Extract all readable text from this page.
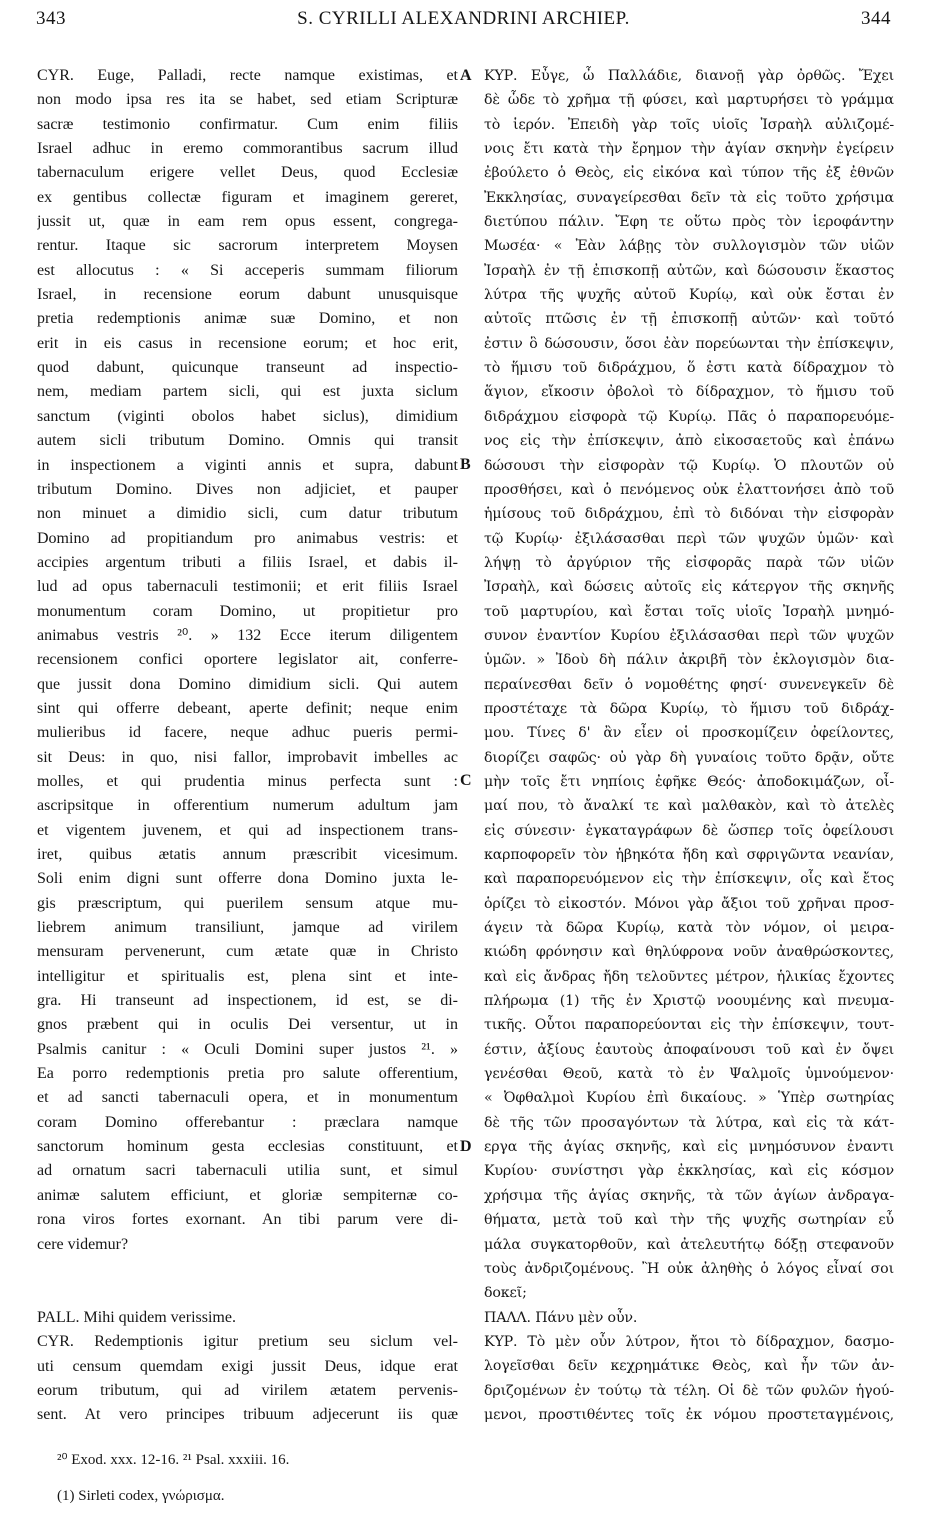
343	S. CYRILLI ALEXANDRINI ARCHIEP.	344
CYR. Euge, Palladi, recte namque existimas, et
non modo ipsa res ita se habet, sed etiam Scripturæ
sacræ testimonio confirmatur. Cum enim filiis
Israel adhuc in eremo commorantibus sacrum illud
tabernaculum erigere vellet Deus, quod Ecclesiæ
ex gentibus collectæ figuram et imaginem gereret,
jussit ut, quæ in eam rem opus essent, congrega-
rentur. Itaque sic sacrorum interpretem Moysen
est allocutus : « Si acceperis summam filiorum
Israel, in recensione eorum dabunt unusquisque
pretia redemptionis animæ suæ Domino, et non
erit in eis casus in recensione eorum; et hoc erit,
quod dabunt, quicunque transeunt ad inspectio-
nem, mediam partem sicli, qui est juxta siclum
sanctum (viginti obolos habet siclus), dimidium
autem sicli tributum Domino. Omnis qui transit
in inspectionem a viginti annis et supra, dabunt
tributum Domino. Dives non adjiciet, et pauper
non minuet a dimidio sicli, cum datur tributum
Domino ad propitiandum pro animabus vestris: et
accipies argentum tributi a filiis Israel, et dabis il-
lud ad opus tabernaculi testimonii; et erit filiis Israel
monumentum coram Domino, ut propitietur pro
animabus vestris ²⁰. » 132 Ecce iterum diligentem
recensionem confici oportere legislator ait, conferre-
que jussit dona Domino dimidium sicli. Qui autem
sint qui offerre debeant, aperte definit; neque enim
mulieribus id facere, neque adhuc pueris permi-
sit Deus: in quo, nisi fallor, improbavit imbelles ac
molles, et qui prudentia minus perfecta sunt :
ascripsitque in offerentium numerum adultum jam
et vigentem juvenem, et qui ad inspectionem trans-
iret, quibus ætatis annum præscribit vicesimum.
Soli enim digni sunt offerre dona Domino juxta le-
gis præscriptum, qui puerilem sensum atque mu-
liebrem animum transiliunt, jamque ad virilem
mensuram pervenerunt, cum ætate quæ in Christo
intelligitur et spiritualis est, plena sint et inte-
gra. Hi transeunt ad inspectionem, id est, se di-
gnos præbent qui in oculis Dei versentur, ut in
Psalmis canitur : « Oculi Domini super justos ²¹. »
Ea porro redemptionis pretia pro salute offerentium,
et ad sancti tabernaculi opera, et in monumentum
coram Domino offerebantur : præclara namque
sanctorum hominum gesta ecclesias constituunt, et
ad ornatum sacri tabernaculi utilia sunt, et simul
animæ salutem efficiunt, et gloriæ sempiternæ co-
rona viros fortes exornant. An tibi parum vere di-
cere videmur?
PALL. Mihi quidem verissime.
CYR. Redemptionis igitur pretium seu siclum vel-
uti censum quemdam exigi jussit Deus, idque erat
eorum tributum, qui ad virilem ætatem pervenis-
sent. At vero principes tribuum adjecerunt iis quæ
ΚΥΡ. Εὖγε, ὦ Παλλάδιε, διανοῇ γὰρ ὀρθῶς. Ἔχει
δὲ ὧδε τὸ χρῆμα τῇ φύσει, καὶ μαρτυρήσει τὸ γράμμα
τὸ ἱερόν. Ἐπειδὴ γὰρ τοῖς υἱοῖς Ἰσραὴλ αὐλιζομέ-
νοις ἔτι κατὰ τὴν ἔρημον τὴν ἁγίαν σκηνὴν ἐγείρειν
ἐβούλετο ὁ Θεὸς, εἰς εἰκόνα καὶ τύπον τῆς ἐξ ἐθνῶν
Ἐκκλησίας, συναγείρεσθαι δεῖν τὰ εἰς τοῦτο χρήσιμα
διετύπου πάλιν. Ἔφη τε οὕτω πρὸς τὸν ἱεροφάντην
Μωσέα· « Ἐὰν λάβῃς τὸν συλλογισμὸν τῶν υἱῶν
Ἰσραὴλ ἐν τῇ ἐπισκοπῇ αὐτῶν, καὶ δώσουσιν ἕκαστος
λύτρα τῆς ψυχῆς αὐτοῦ Κυρίῳ, καὶ οὐκ ἔσται ἐν
αὐτοῖς πτῶσις ἐν τῇ ἐπισκοπῇ αὐτῶν· καὶ τοῦτό
ἐστιν ὃ δώσουσιν, ὅσοι ἐὰν πορεύωνται τὴν ἐπίσκεψιν,
τὸ ἥμισυ τοῦ διδράχμου, ὅ ἐστι κατὰ δίδραχμον τὸ
ἅγιον, εἴκοσιν ὀβολοὶ τὸ δίδραχμον, τὸ ἥμισυ τοῦ
διδράχμου εἰσφορὰ τῷ Κυρίῳ. Πᾶς ὁ παραπορευόμε-
νος εἰς τὴν ἐπίσκεψιν, ἀπὸ εἰκοσαετοῦς καὶ ἐπάνω
δώσουσι τὴν εἰσφορὰν τῷ Κυρίῳ. Ὁ πλουτῶν οὐ
προσθήσει, καὶ ὁ πενόμενος οὐκ ἐλαττονήσει ἀπὸ τοῦ
ἡμίσους τοῦ διδράχμου, ἐπὶ τὸ διδόναι τὴν εἰσφορὰν
τῷ Κυρίῳ· ἐξιλάσασθαι περὶ τῶν ψυχῶν ὑμῶν· καὶ
λήψῃ τὸ ἀργύριον τῆς εἰσφορᾶς παρὰ τῶν υἱῶν
Ἰσραὴλ, καὶ δώσεις αὐτοῖς εἰς κάτεργον τῆς σκηνῆς
τοῦ μαρτυρίου, καὶ ἔσται τοῖς υἱοῖς Ἰσραὴλ μνημό-
συνον ἐναντίον Κυρίου ἐξιλάσασθαι περὶ τῶν ψυχῶν
ὑμῶν. » Ἰδοὺ δὴ πάλιν ἀκριβῆ τὸν ἐκλογισμὸν δια-
περαίνεσθαι δεῖν ὁ νομοθέτης φησί· συνενεγκεῖν δὲ
προστέταχε τὰ δῶρα Κυρίῳ, τὸ ἥμισυ τοῦ διδράχ-
μου. Τίνες δ' ἂν εἶεν οἱ προσκομίζειν ὀφείλοντες,
διορίζει σαφῶς· οὐ γὰρ δὴ γυναίοις τοῦτο δρᾷν, οὔτε
μὴν τοῖς ἔτι νηπίοις ἐφῆκε Θεός· ἀποδοκιμάζων, οἶ-
μαί που, τὸ ἄναλκί τε καὶ μαλθακὸν, καὶ τὸ ἀτελὲς
εἰς σύνεσιν· ἐγκαταγράφων δὲ ὥσπερ τοῖς ὀφείλουσι
καρποφορεῖν τὸν ἡβηκότα ἤδη καὶ σφριγῶντα νεανίαν,
καὶ παραπορευόμενον εἰς τὴν ἐπίσκεψιν, οἷς καὶ ἔτος
ὁρίζει τὸ εἰκοστόν. Μόνοι γὰρ ἄξιοι τοῦ χρῆναι προσ-
άγειν τὰ δῶρα Κυρίῳ, κατὰ τὸν νόμον, οἱ μειρα-
κιώδη φρόνησιν καὶ θηλύφρονα νοῦν ἀναθρώσκοντες,
καὶ εἰς ἄνδρας ἤδη τελοῦντες μέτρον, ἡλικίας ἔχοντες
πλήρωμα (1) τῆς ἐν Χριστῷ νοουμένης καὶ πνευμα-
τικῆς. Οὗτοι παραπορεύονται εἰς τὴν ἐπίσκεψιν, τουτ-
έστιν, ἀξίους ἑαυτοὺς ἀποφαίνουσι τοῦ καὶ ἐν ὄψει
γενέσθαι Θεοῦ, κατὰ τὸ ἐν Ψαλμοῖς ὑμνούμενον·
« Ὀφθαλμοὶ Κυρίου ἐπὶ δικαίους. » Ὑπὲρ σωτηρίας
δὲ τῆς τῶν προσαγόντων τὰ λύτρα, καὶ εἰς τὰ κάτ-
εργα τῆς ἁγίας σκηνῆς, καὶ εἰς μνημόσυνον ἐναντι
Κυρίου· συνίστησι γὰρ ἐκκλησίας, καὶ εἰς κόσμον
χρήσιμα τῆς ἁγίας σκηνῆς, τὰ τῶν ἁγίων ἀνδραγα-
θήματα, μετὰ τοῦ καὶ τὴν τῆς ψυχῆς σωτηρίαν εὖ
μάλα συγκατορθοῦν, καὶ ἀτελευτήτῳ δόξῃ στεφανοῦν
τοὺς ἀνδριζομένους. Ἢ οὐκ ἀληθὴς ὁ λόγος εἶναί σοι
δοκεῖ;
ΠΑΛΛ. Πάνυ μὲν οὖν.
ΚΥΡ. Τὸ μὲν οὖν λύτρον, ἤτοι τὸ δίδραχμον, δασμο-
λογεῖσθαι δεῖν κεχρημάτικε Θεὸς, καὶ ἦν τῶν ἀν-
δριζομένων ἐν τούτῳ τὰ τέλη. Οἱ δὲ τῶν φυλῶν ἡγού-
μενοι, προστιθέντες τοῖς ἐκ νόμου προστεταγμένοις,
A
B
C
D
²⁰ Exod. xxx. 12-16. ²¹ Psal. xxxiii. 16.
(1) Sirleti codex, γνώρισμα.
